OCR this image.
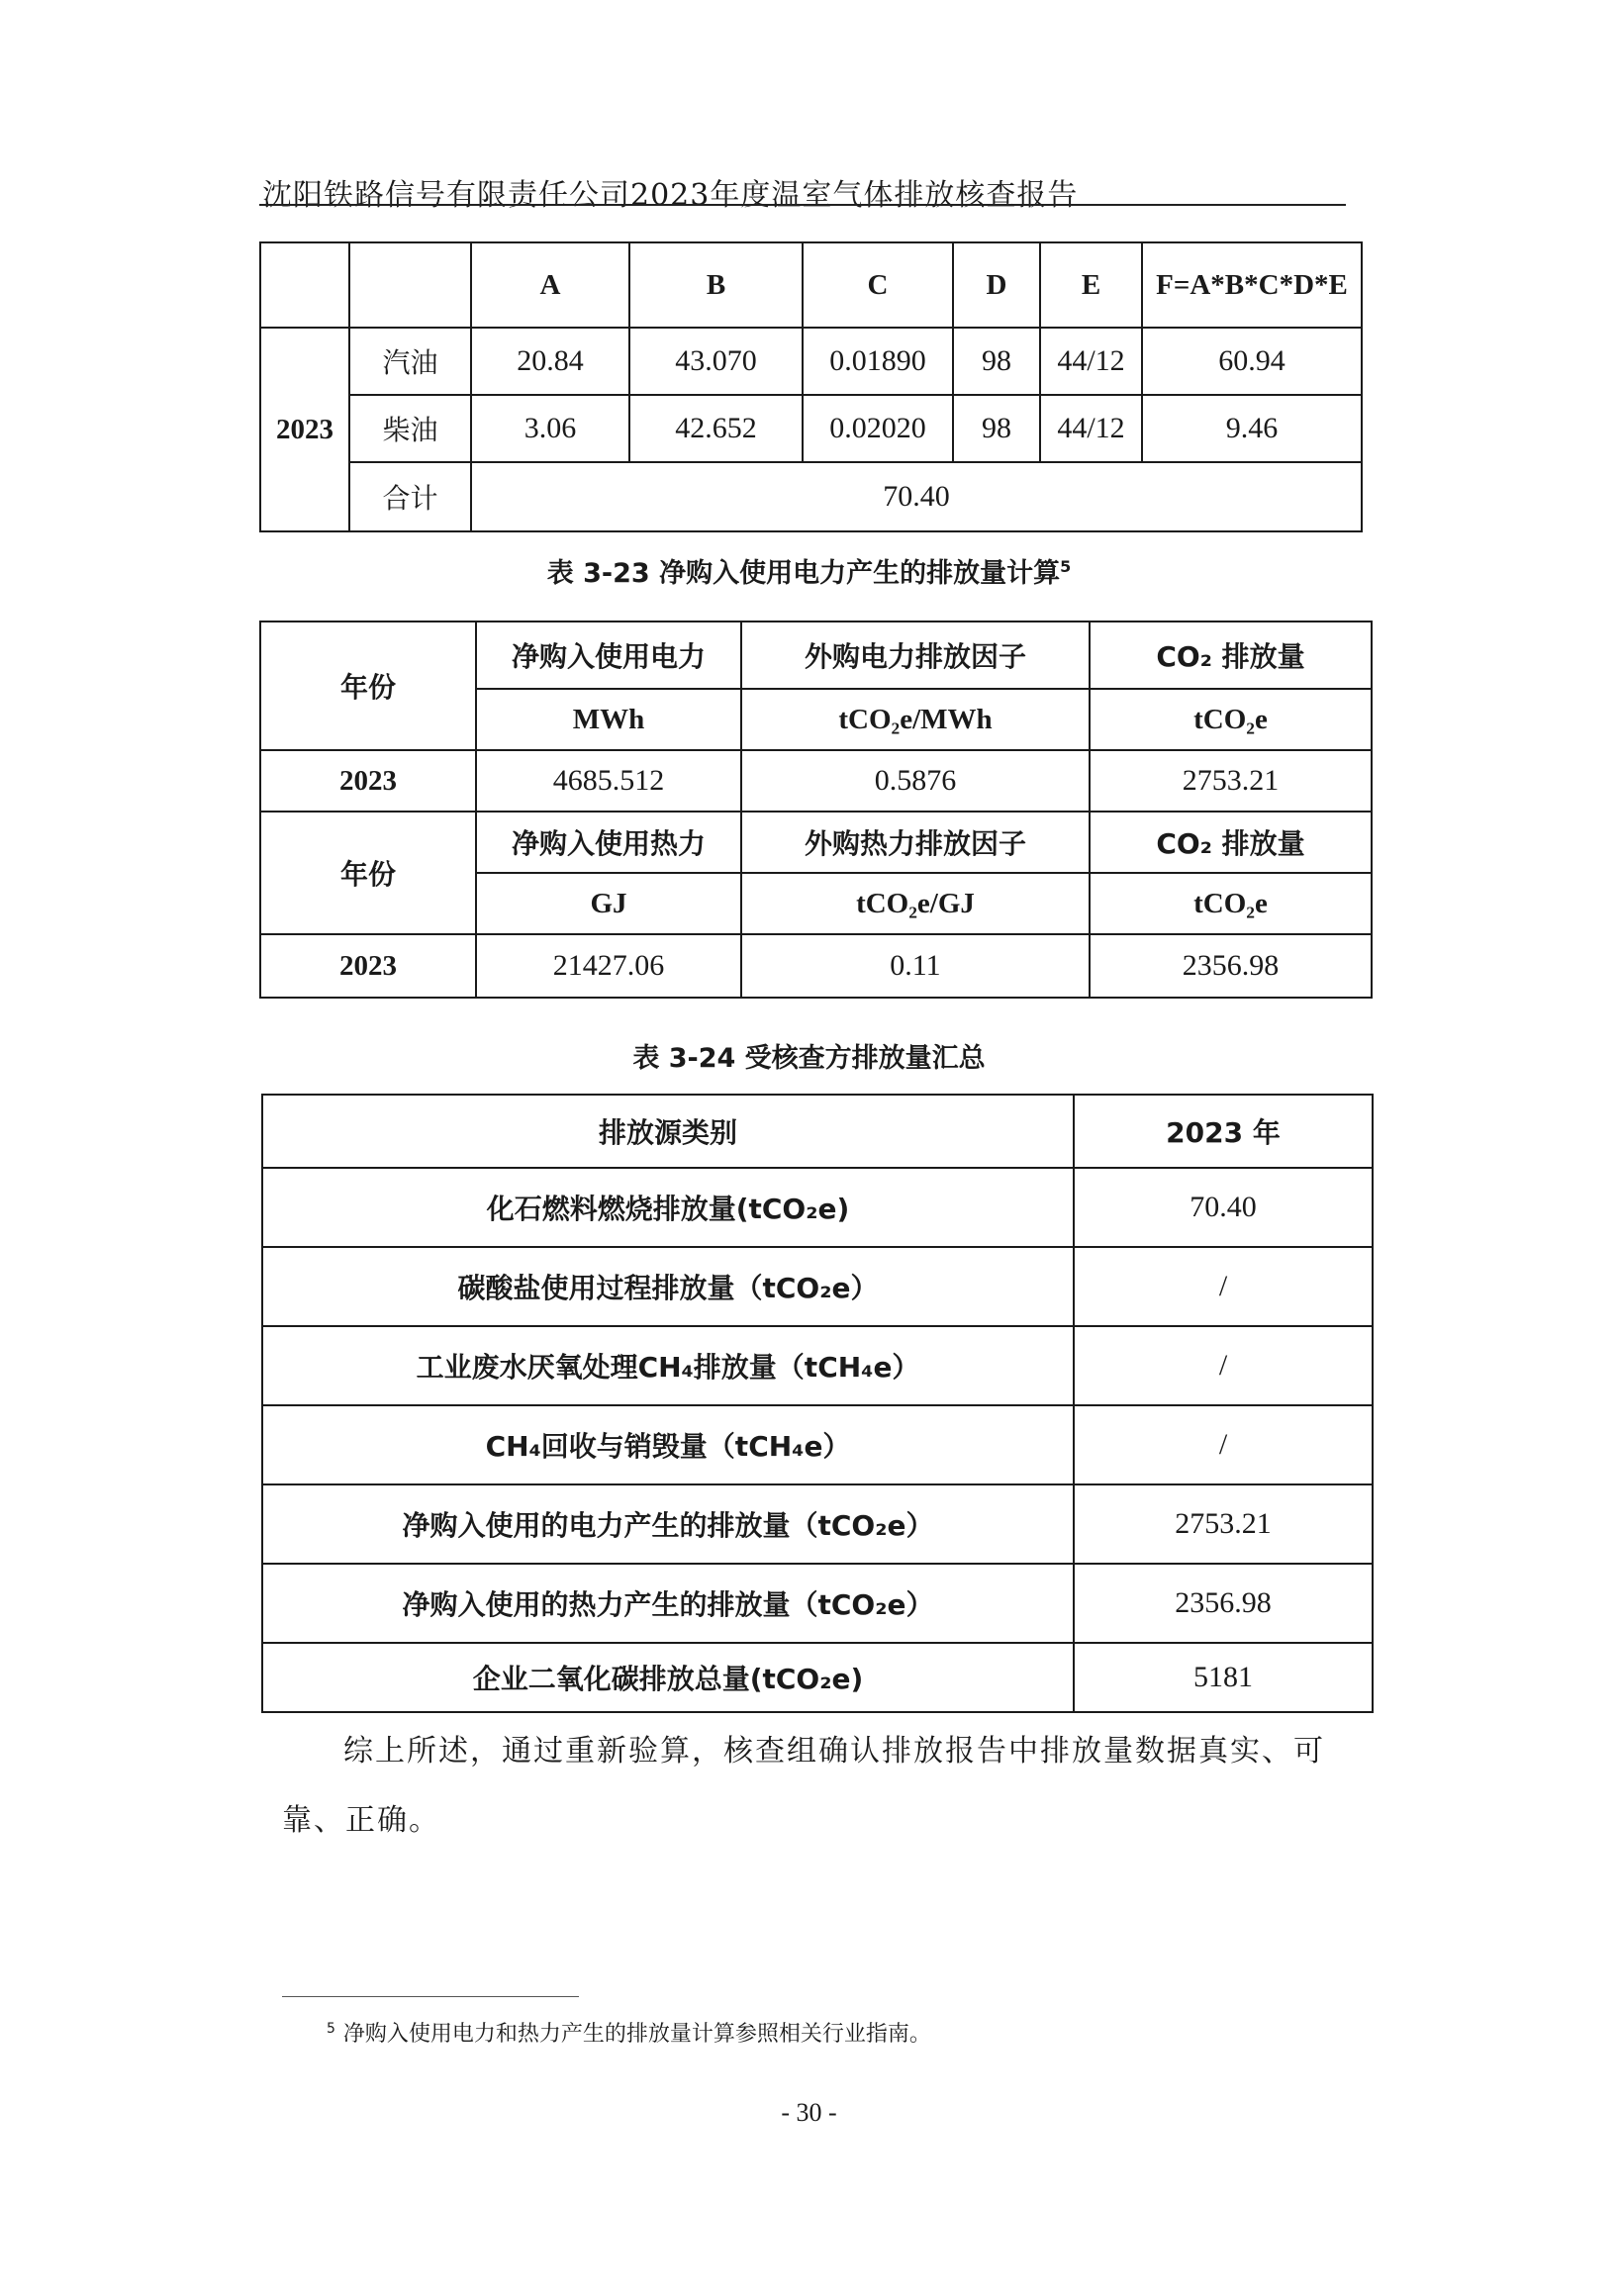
沈阳铁路信号有限责任公司2023年度温室气体排放核查报告
		A	B	C	D	E	F=A*B*C*D*E
2023	汽油	20.84	43.070	0.01890	98	44/12	60.94
	柴油	3.06	42.652	0.02020	98	44/12	9.46
	合计	70.40					
表 3-23 净购入使用电力产生的排放量计算$^5$
年份	净购入使用电力	外购电力排放因子	CO₂ 排放量
	MWh	tCO₂e/MWh	tCO₂e
2023	4685.512	0.5876	2753.21
年份	净购入使用热力	外购热力排放因子	CO₂ 排放量
	GJ	tCO₂e/GJ	tCO₂e
2023	21427.06	0.11	2356.98
表 3-24 受核查方排放量汇总
排放源类别	2023 年
化石燃料燃烧排放量(tCO₂e)	70.40
碳酸盐使用过程排放量（tCO₂e）	/
工业废水厌氧处理CH₄排放量（tCH₄e）	/
CH₄回收与销毁量（tCH₄e）	/
净购入使用的电力产生的排放量（tCO₂e）	2753.21
净购入使用的热力产生的排放量（tCO₂e）	2356.98
企业二氧化碳排放总量(tCO₂e)	5181
综上所述，通过重新验算，核查组确认排放报告中排放量数据真实、可靠、正确。
$^5$ 净购入使用电力和热力产生的排放量计算参照相关行业指南。
- 30 -
